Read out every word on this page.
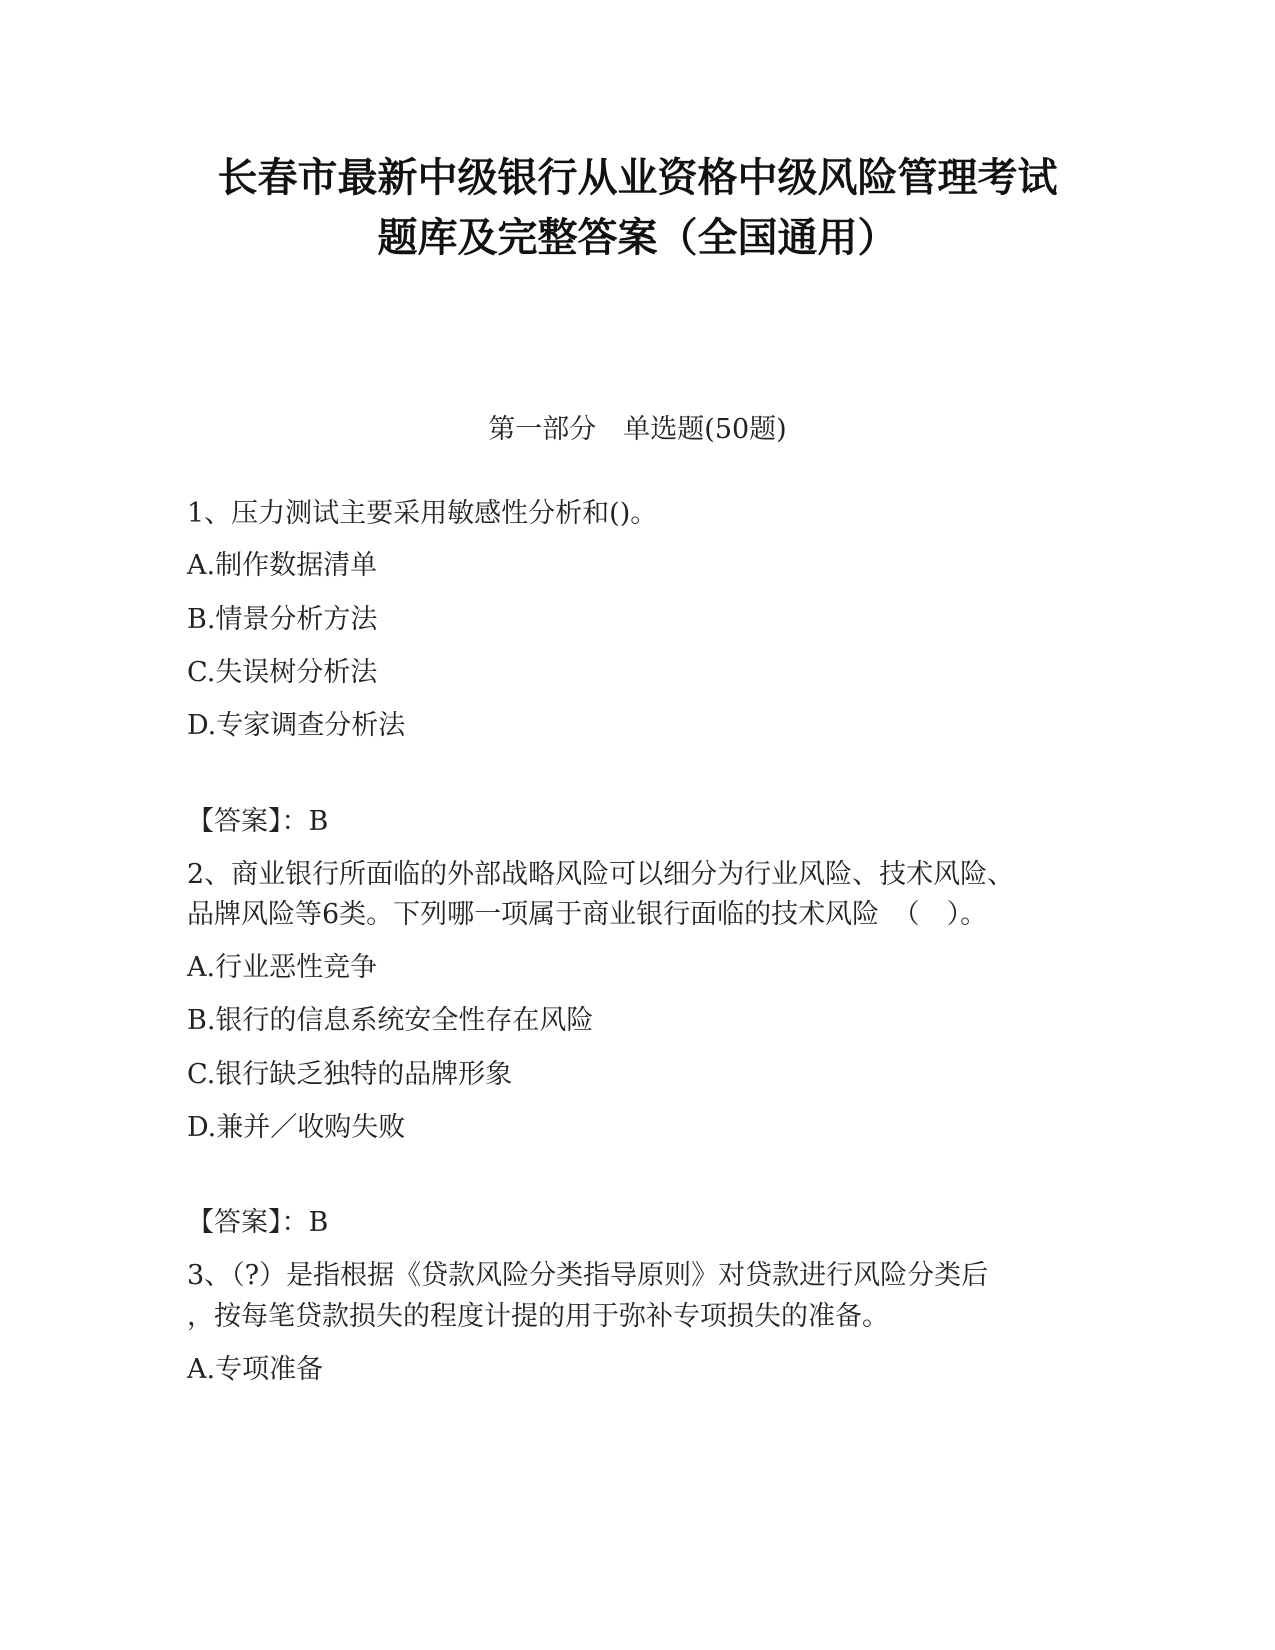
长春市最新中级银行从业资格中级风险管理考试
题库及完整答案（全国通用）
第一部分　单选题(50题)
1、压力测试主要采用敏感性分析和()。
A.制作数据清单
B.情景分析方法
C.失误树分析法
D.专家调查分析法
【答案】：B
2、商业银行所面临的外部战略风险可以细分为行业风险、技术风险、
品牌风险等6类。下列哪一项属于商业银行面临的技术风险　（　）。
A.行业恶性竞争
B.银行的信息系统安全性存在风险
C.银行缺乏独特的品牌形象
D.兼并／收购失败
【答案】：B
3、（?）是指根据《贷款风险分类指导原则》对贷款进行风险分类后
，按每笔贷款损失的程度计提的用于弥补专项损失的准备。
A.专项准备
